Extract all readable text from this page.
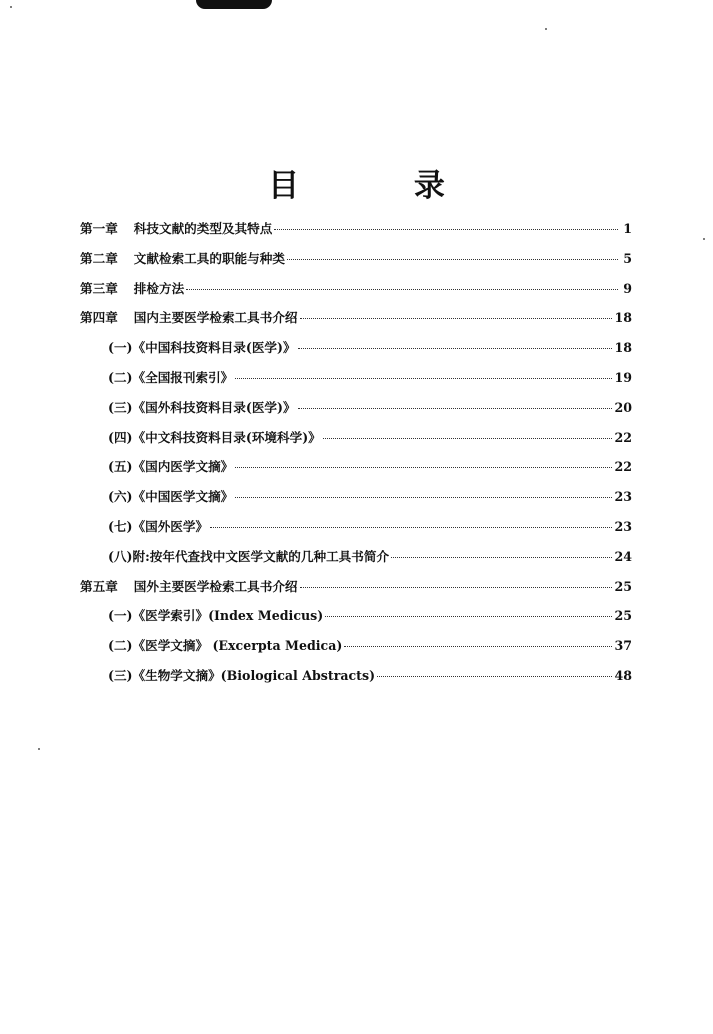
目 录
第一章 科技文献的类型及其特点	1
第二章 文献检索工具的职能与种类	5
第三章 排检方法	9
第四章 国内主要医学检索工具书介绍	18
(一)《中国科技资料目录(医学)》	18
(二)《全国报刊索引》	19
(三)《国外科技资料目录(医学)》	20
(四)《中文科技资料目录(环境科学)》	22
(五)《国内医学文摘》	22
(六)《中国医学文摘》	23
(七)《国外医学》	23
(八)附:按年代查找中文医学文献的几种工具书简介	24
第五章 国外主要医学检索工具书介绍	25
(一)《医学索引》(Index Medicus)	25
(二)《医学文摘》 (Excerpta Medica)	37
(三)《生物学文摘》(Biological Abstracts)	48
